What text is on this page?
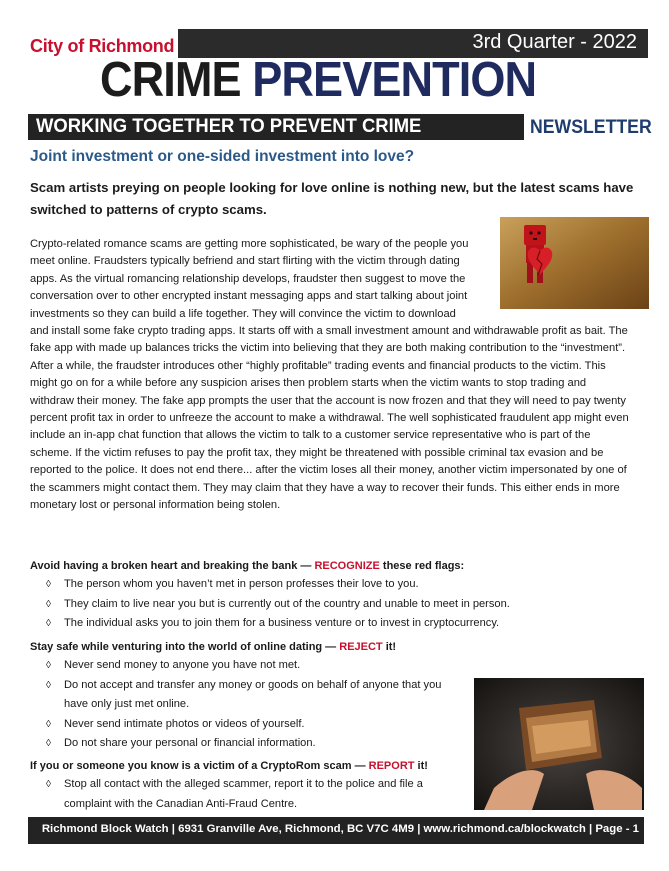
City of Richmond	3rd Quarter - 2022
CRIME PREVENTION
WORKING TOGETHER TO PREVENT CRIME	NEWSLETTER
Joint investment or one-sided investment into love?
Scam artists preying on people looking for love online is nothing new, but the latest scams have switched to patterns of crypto scams.
Crypto-related romance scams are getting more sophisticated, be wary of the people you meet online. Fraudsters typically befriend and start flirting with the victim through dating apps. As the virtual romancing relationship develops, fraudster then suggest to move the conversation over to other encrypted instant messaging apps and start talking about joint investments so they can build a life together. They will convince the victim to download and install some fake crypto trading apps. It starts off with a small investment amount and withdrawable profit as bait. The fake app with made up balances tricks the victim into believing that they are both making contribution to the “investment”. After a while, the fraudster introduces other “highly profitable” trading events and financial products to the victim. This might go on for a while before any suspicion arises then problem starts when the victim wants to stop trading and withdraw their money. The fake app prompts the user that the account is now frozen and that they will need to pay twenty percent profit tax in order to unfreeze the account to make a withdrawal. The well sophisticated fraudulent app might even include an in-app chat function that allows the victim to talk to a customer service representative who is part of the scheme. If the victim refuses to pay the profit tax, they might be threatened with possible criminal tax evasion and be reported to the police. It does not end there... after the victim loses all their money, another victim impersonated by one of the scammers might contact them. They may claim that they have a way to recover their funds. This either ends in more monetary lost or personal information being stolen.
Avoid having a broken heart and breaking the bank — RECOGNIZE these red flags:
◊ The person whom you haven’t met in person professes their love to you.
◊ They claim to live near you but is currently out of the country and unable to meet in person.
◊ The individual asks you to join them for a business venture or to invest in cryptocurrency.
Stay safe while venturing into the world of online dating — REJECT it!
◊ Never send money to anyone you have not met.
◊ Do not accept and transfer any money or goods on behalf of anyone that you have only just met online.
◊ Never send intimate photos or videos of yourself.
◊ Do not share your personal or financial information.
If you or someone you know is a victim of a CryptoRom scam — REPORT it!
◊ Stop all contact with the alleged scammer, report it to the police and file a complaint with the Canadian Anti-Fraud Centre.
Richmond Block Watch | 6931 Granville Ave, Richmond, BC V7C 4M9 | www.richmond.ca/blockwatch | Page - 1
